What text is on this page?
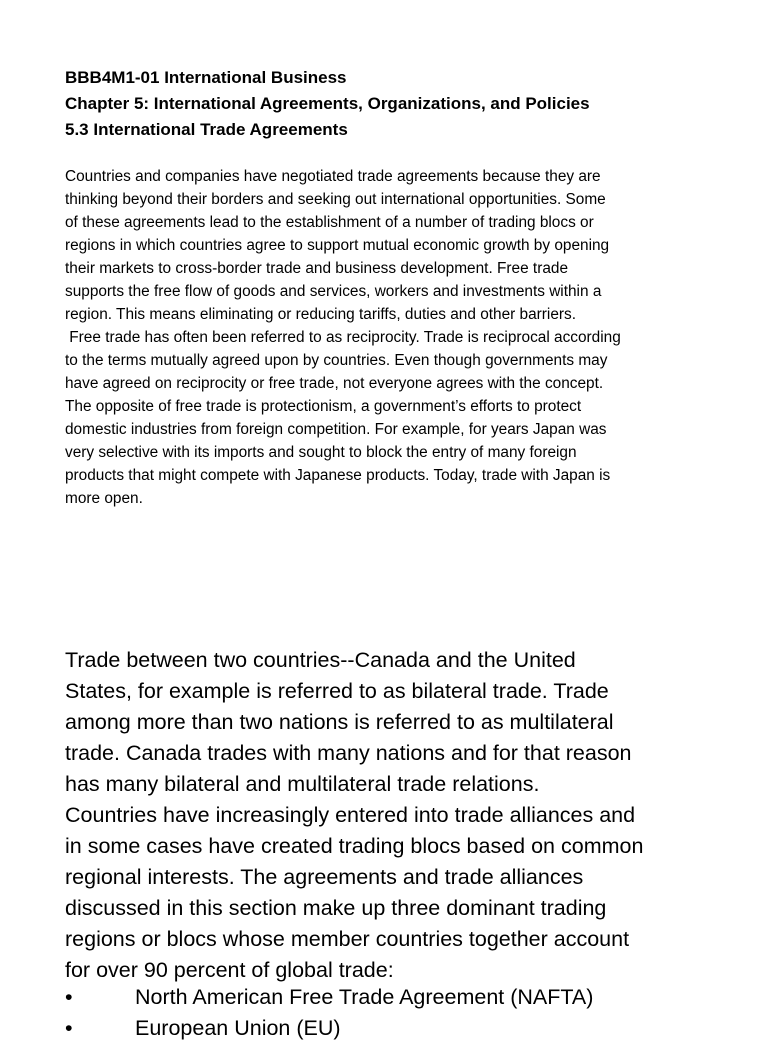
BBB4M1-01 International Business
Chapter 5: International Agreements, Organizations, and Policies
5.3 International Trade Agreements
Countries and companies have negotiated trade agreements because they are
thinking beyond their borders and seeking out international opportunities. Some
of these agreements lead to the establishment of a number of trading blocs or
regions in which countries agree to support mutual economic growth by opening
their markets to cross-border trade and business development. Free trade
supports the free flow of goods and services, workers and investments within a
region. This means eliminating or reducing tariffs, duties and other barriers.
Free trade has often been referred to as reciprocity. Trade is reciprocal according
to the terms mutually agreed upon by countries. Even though governments may
have agreed on reciprocity or free trade, not everyone agrees with the concept.
The opposite of free trade is protectionism, a government’s efforts to protect
domestic industries from foreign competition. For example, for years Japan was
very selective with its imports and sought to block the entry of many foreign
products that might compete with Japanese products. Today, trade with Japan is
more open.
Trade between two countries--Canada and the United
States, for example is referred to as bilateral trade. Trade
among more than two nations is referred to as multilateral
trade. Canada trades with many nations and for that reason
has many bilateral and multilateral trade relations.
Countries have increasingly entered into trade alliances and
in some cases have created trading blocs based on common
regional interests. The agreements and trade alliances
discussed in this section make up three dominant trading
regions or blocs whose member countries together account
for over 90 percent of global trade:
•	North American Free Trade Agreement (NAFTA)
•	European Union (EU)
